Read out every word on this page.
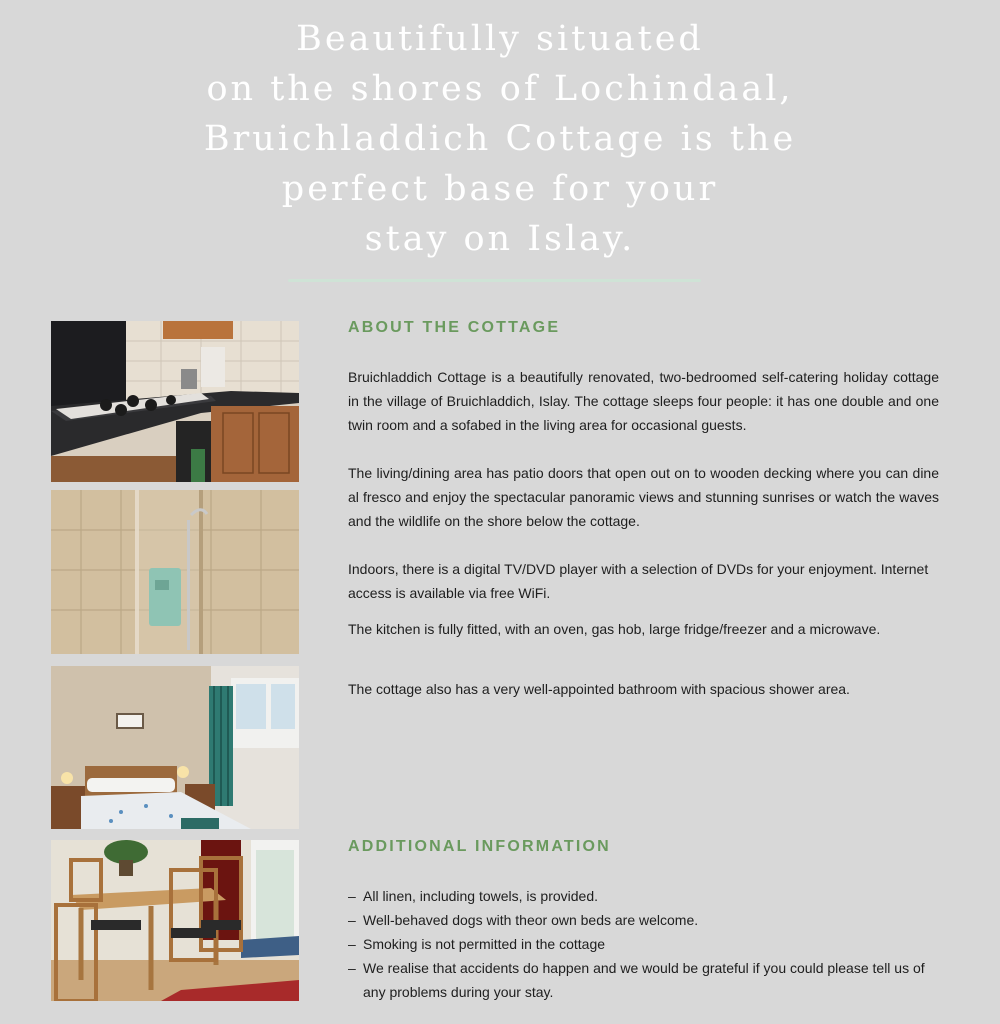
Beautifully situated
on the shores of Lochindaal,
Bruichladdich Cottage is the
perfect base for your
stay on Islay.
ABOUT THE COTTAGE

Bruichladdich Cottage is a beautifully renovated, two-bedroomed self-catering holiday cottage in the village of Bruichladdich, Islay. The cottage sleeps four people: it has one double and one twin room and a sofabed in the living area for occasional guests.

The living/dining area has patio doors that open out on to wooden decking where you can dine al fresco and enjoy the spectacular panoramic views and stunning sunrises or watch the waves and the wildlife on the shore below the cottage.

Indoors, there is a digital TV/DVD player with a selection of DVDs for your enjoyment. Internet access is available via free WiFi.

The kitchen is fully fitted, with an oven, gas hob, large fridge/freezer and a microwave.

The cottage also has a very well-appointed bathroom with spacious shower area.

ADDITIONAL INFORMATION
– All linen, including towels, is provided.
– Well-behaved dogs with theor own beds are welcome.
– Smoking is not permitted in the cottage
– We realise that accidents do happen and we would be grateful if you could please tell us of any problems during your stay.
